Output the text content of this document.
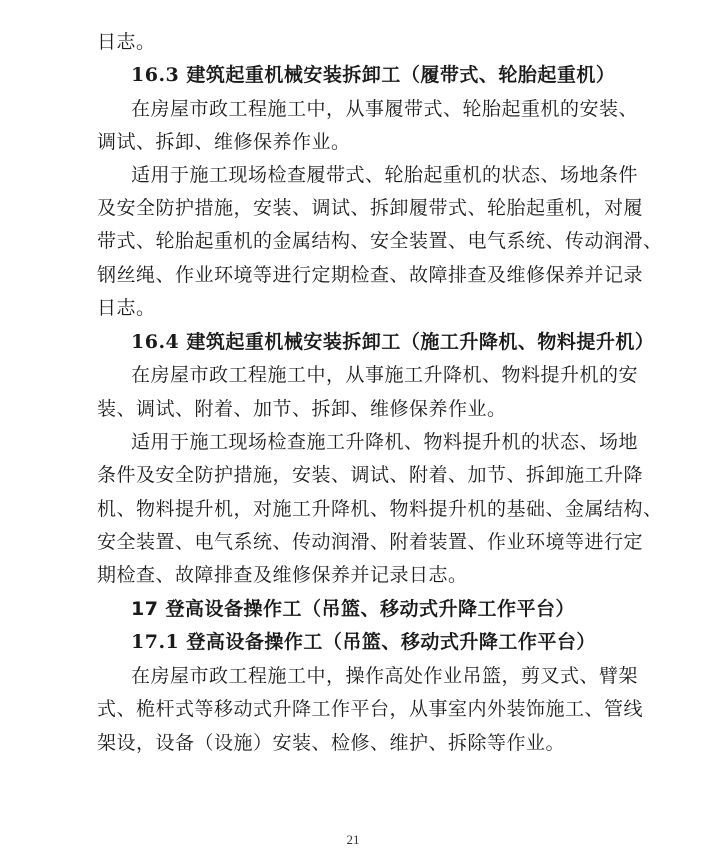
日志。
16.3 建筑起重机械安装拆卸工（履带式、轮胎起重机）
在房屋市政工程施工中，从事履带式、轮胎起重机的安装、
调试、拆卸、维修保养作业。
适用于施工现场检查履带式、轮胎起重机的状态、场地条件
及安全防护措施，安装、调试、拆卸履带式、轮胎起重机，对履
带式、轮胎起重机的金属结构、安全装置、电气系统、传动润滑、
钢丝绳、作业环境等进行定期检查、故障排查及维修保养并记录
日志。
16.4 建筑起重机械安装拆卸工（施工升降机、物料提升机）
在房屋市政工程施工中，从事施工升降机、物料提升机的安
装、调试、附着、加节、拆卸、维修保养作业。
适用于施工现场检查施工升降机、物料提升机的状态、场地
条件及安全防护措施，安装、调试、附着、加节、拆卸施工升降
机、物料提升机，对施工升降机、物料提升机的基础、金属结构、
安全装置、电气系统、传动润滑、附着装置、作业环境等进行定
期检查、故障排查及维修保养并记录日志。
17 登高设备操作工（吊篮、移动式升降工作平台）
17.1 登高设备操作工（吊篮、移动式升降工作平台）
在房屋市政工程施工中，操作高处作业吊篮，剪叉式、臂架
式、桅杆式等移动式升降工作平台，从事室内外装饰施工、管线
架设，设备（设施）安装、检修、维护、拆除等作业。
21
